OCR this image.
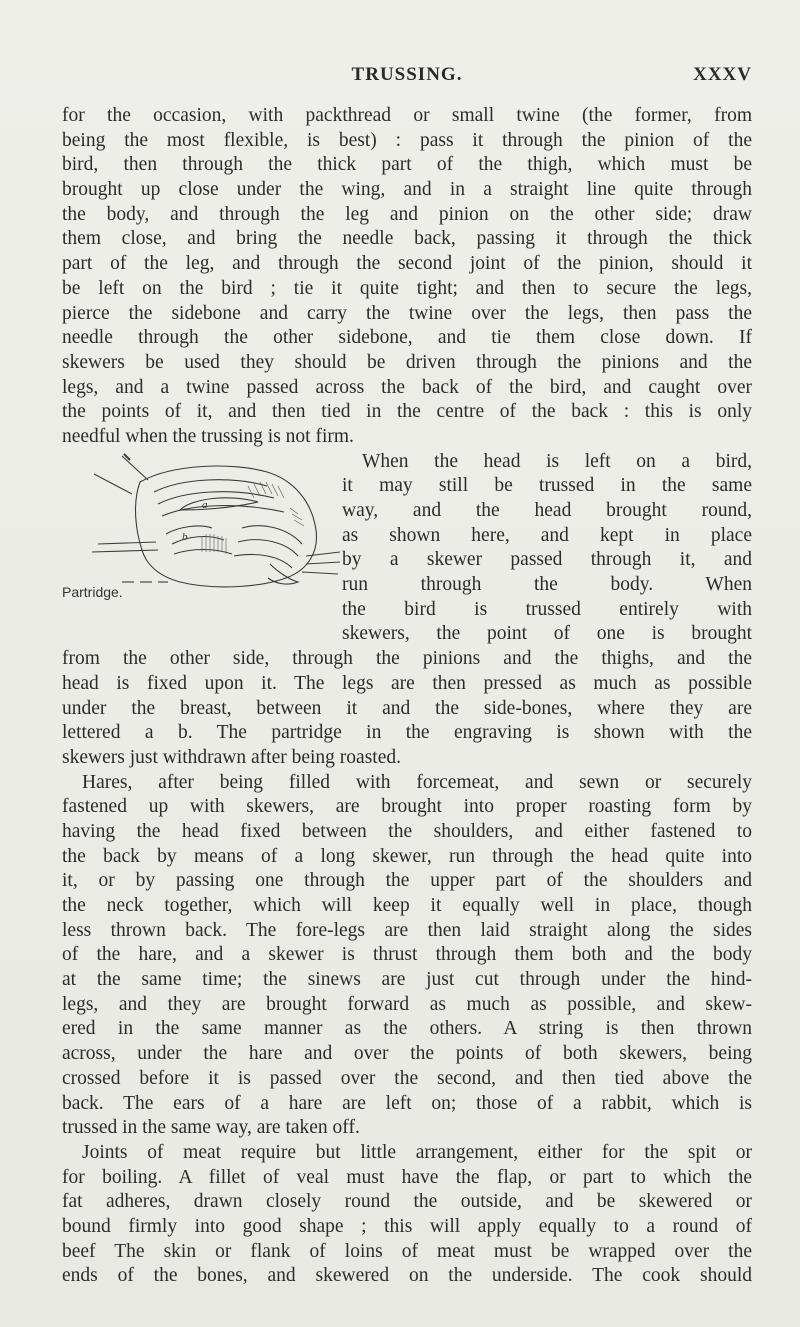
TRUSSING.	XXXV
for the occasion, with packthread or small twine (the former, from
being the most flexible, is best) : pass it through the pinion of the
bird, then through the thick part of the thigh, which must be
brought up close under the wing, and in a straight line quite through
the body, and through the leg and pinion on the other side; draw
them close, and bring the needle back, passing it through the thick
part of the leg, and through the second joint of the pinion, should it
be left on the bird ; tie it quite tight; and then to secure the legs,
pierce the sidebone and carry the twine over the legs, then pass the
needle through the other sidebone, and tie them close down. If
skewers be used they should be driven through the pinions and the
legs, and a twine passed across the back of the bird, and caught over
the points of it, and then tied in the centre of the back : this is only
needful when the trussing is not firm.
a
b
Partridge.
When the head is left on a bird,
it may still be trussed in the same
way, and the head brought round,
as shown here, and kept in place
by a skewer passed through it, and
run through the body. When
the bird is trussed entirely with
skewers, the point of one is brought
from the other side, through the pinions and the thighs, and the
head is fixed upon it. The legs are then pressed as much as possible
under the breast, between it and the side-bones, where they are
lettered a b. The partridge in the engraving is shown with the
skewers just withdrawn after being roasted.
Hares, after being filled with forcemeat, and sewn or securely
fastened up with skewers, are brought into proper roasting form by
having the head fixed between the shoulders, and either fastened to
the back by means of a long skewer, run through the head quite into
it, or by passing one through the upper part of the shoulders and
the neck together, which will keep it equally well in place, though
less thrown back. The fore-legs are then laid straight along the sides
of the hare, and a skewer is thrust through them both and the body
at the same time; the sinews are just cut through under the hind-
legs, and they are brought forward as much as possible, and skew-
ered in the same manner as the others. A string is then thrown
across, under the hare and over the points of both skewers, being
crossed before it is passed over the second, and then tied above the
back. The ears of a hare are left on; those of a rabbit, which is
trussed in the same way, are taken off.
Joints of meat require but little arrangement, either for the spit or
for boiling. A fillet of veal must have the flap, or part to which the
fat adheres, drawn closely round the outside, and be skewered or
bound firmly into good shape ; this will apply equally to a round of
beef The skin or flank of loins of meat must be wrapped over the
ends of the bones, and skewered on the underside. The cook should
